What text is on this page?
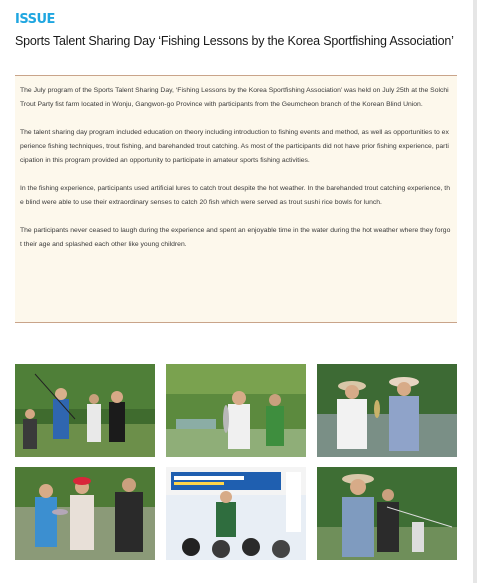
ISSUE
Sports Talent Sharing Day ‘Fishing Lessons by the Korea Sportfishing Association’

The July program of the Sports Talent Sharing Day, ‘Fishing Lessons by the Korea Sportfishing Association’ was held on July 25th at the Solchi Trout Party fist farm located in Wonju, Gangwon-go Province with participants from the Geumcheon branch of the Korean Blind Union.

The talent sharing day program included education on theory including introduction to fishing events and method, as well as opportunities to experience fishing techniques, trout fishing, and barehanded trout catching. As most of the participants did not have prior fishing experience, participation in this program provided an opportunity to participate in amateur sports fishing activities.

In the fishing experience, participants used artificial lures to catch trout despite the hot weather. In the barehanded trout catching experience, the blind were able to use their extraordinary senses to catch 20 fish which were served as trout sushi rice bowls for lunch.

The participants never ceased to laugh during the experience and spent an enjoyable time in the water during the hot weather where they forgot their age and splashed each other like young children.
